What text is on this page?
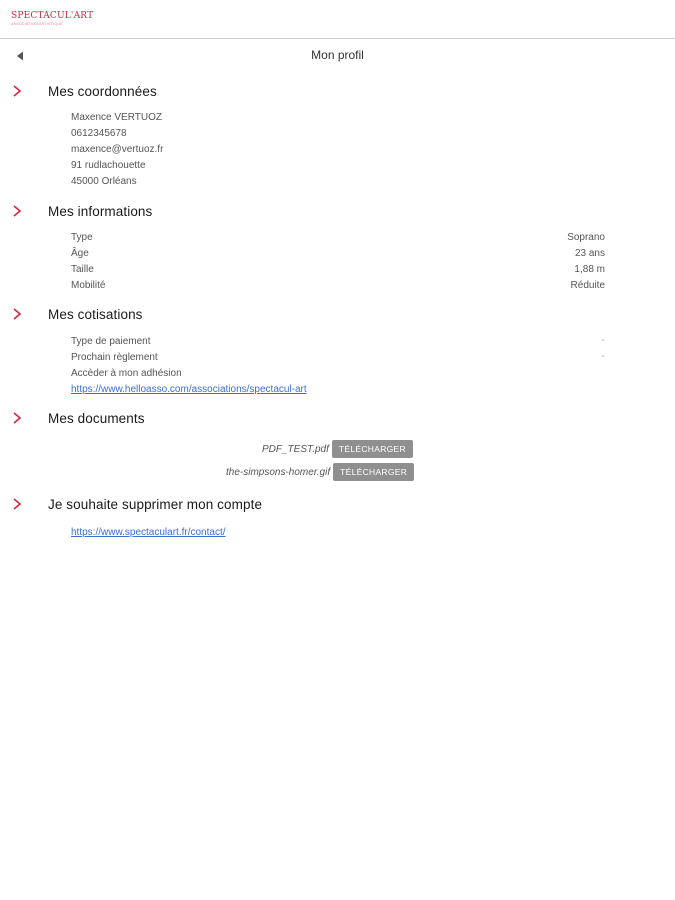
SPECTACUL'ART
ASSOCIATION ARTISTIQUE
Mon profil
Mes coordonnées
Maxence VERTUOZ
0612345678
maxence@vertuoz.fr
91 rudlachouette
45000 Orléans
Mes informations
Type	Soprano
Âge	23 ans
Taille	1,88 m
Mobilité	Réduite
Mes cotisations
Type de paiement	-
Prochain règlement	-
Accèder à mon adhésion
https://www.helloasso.com/associations/spectacul-art
Mes documents
PDF_TEST.pdf	TÉLÉCHARGER
the-simpsons-homer.gif	TÉLÉCHARGER
Je souhaite supprimer mon compte
https://www.spectaculart.fr/contact/
